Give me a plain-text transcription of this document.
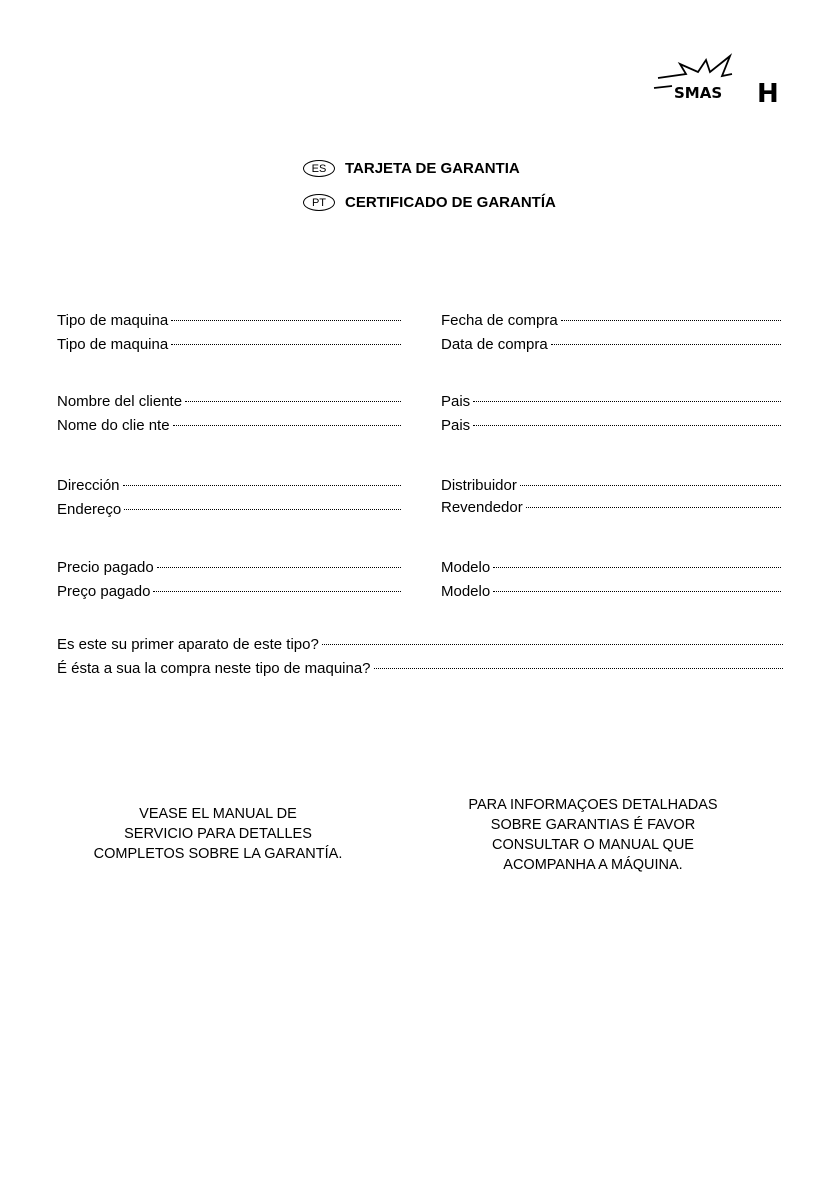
SMAS H
ES	TARJETA DE GARANTIA
PT	CERTIFICADO DE GARANTÍA
Tipo de maquina
Tipo de maquina
Nombre del cliente
Nome do clie nte
Dirección
Endereço
Precio pagado
Preço pagado
Fecha de compra
Data de compra
Pais
Pais
Distribuidor
Revendedor
Modelo
Modelo
Es este su primer aparato de este tipo?
É ésta a sua la compra neste tipo de maquina?
VEASE EL MANUAL DE
SERVICIO PARA DETALLES
COMPLETOS SOBRE LA GARANTÍA.
PARA INFORMAÇOES DETALHADAS
SOBRE GARANTIAS É FAVOR
CONSULTAR O MANUAL QUE
ACOMPANHA A MÁQUINA.
